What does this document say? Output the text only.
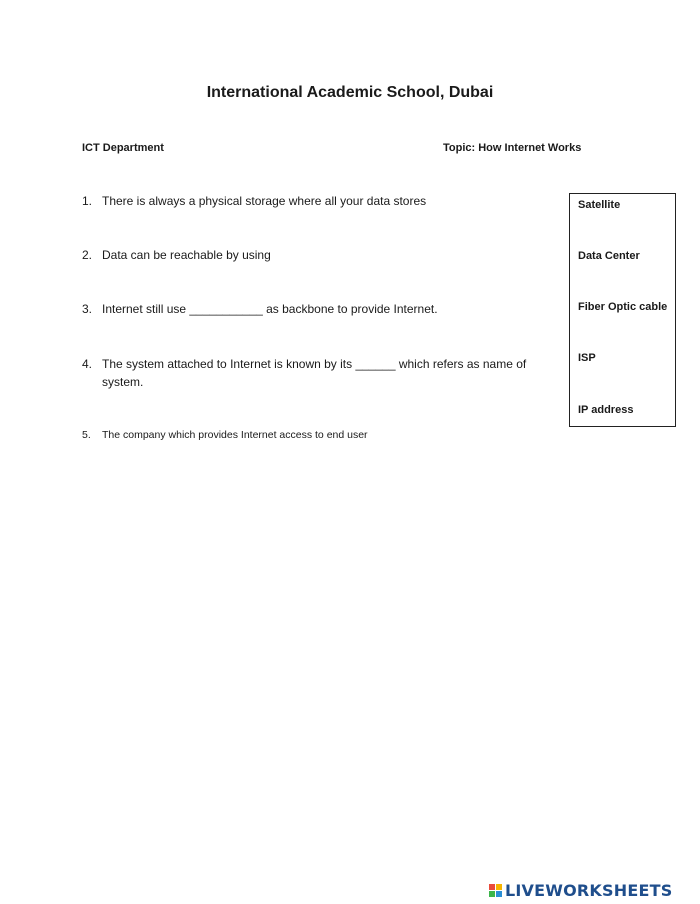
International Academic School, Dubai
ICT Department	Topic: How Internet Works
1. There is always a physical storage where all your data stores
2. Data can be reachable by using
3. Internet still use ___________ as backbone to provide Internet.
4. The system attached to Internet is known by its ______ which refers as name of system.
5.	The company which provides Internet access to end user
Satellite
Data Center
Fiber Optic cable
ISP
IP address
LIVEWORKSHEETS
